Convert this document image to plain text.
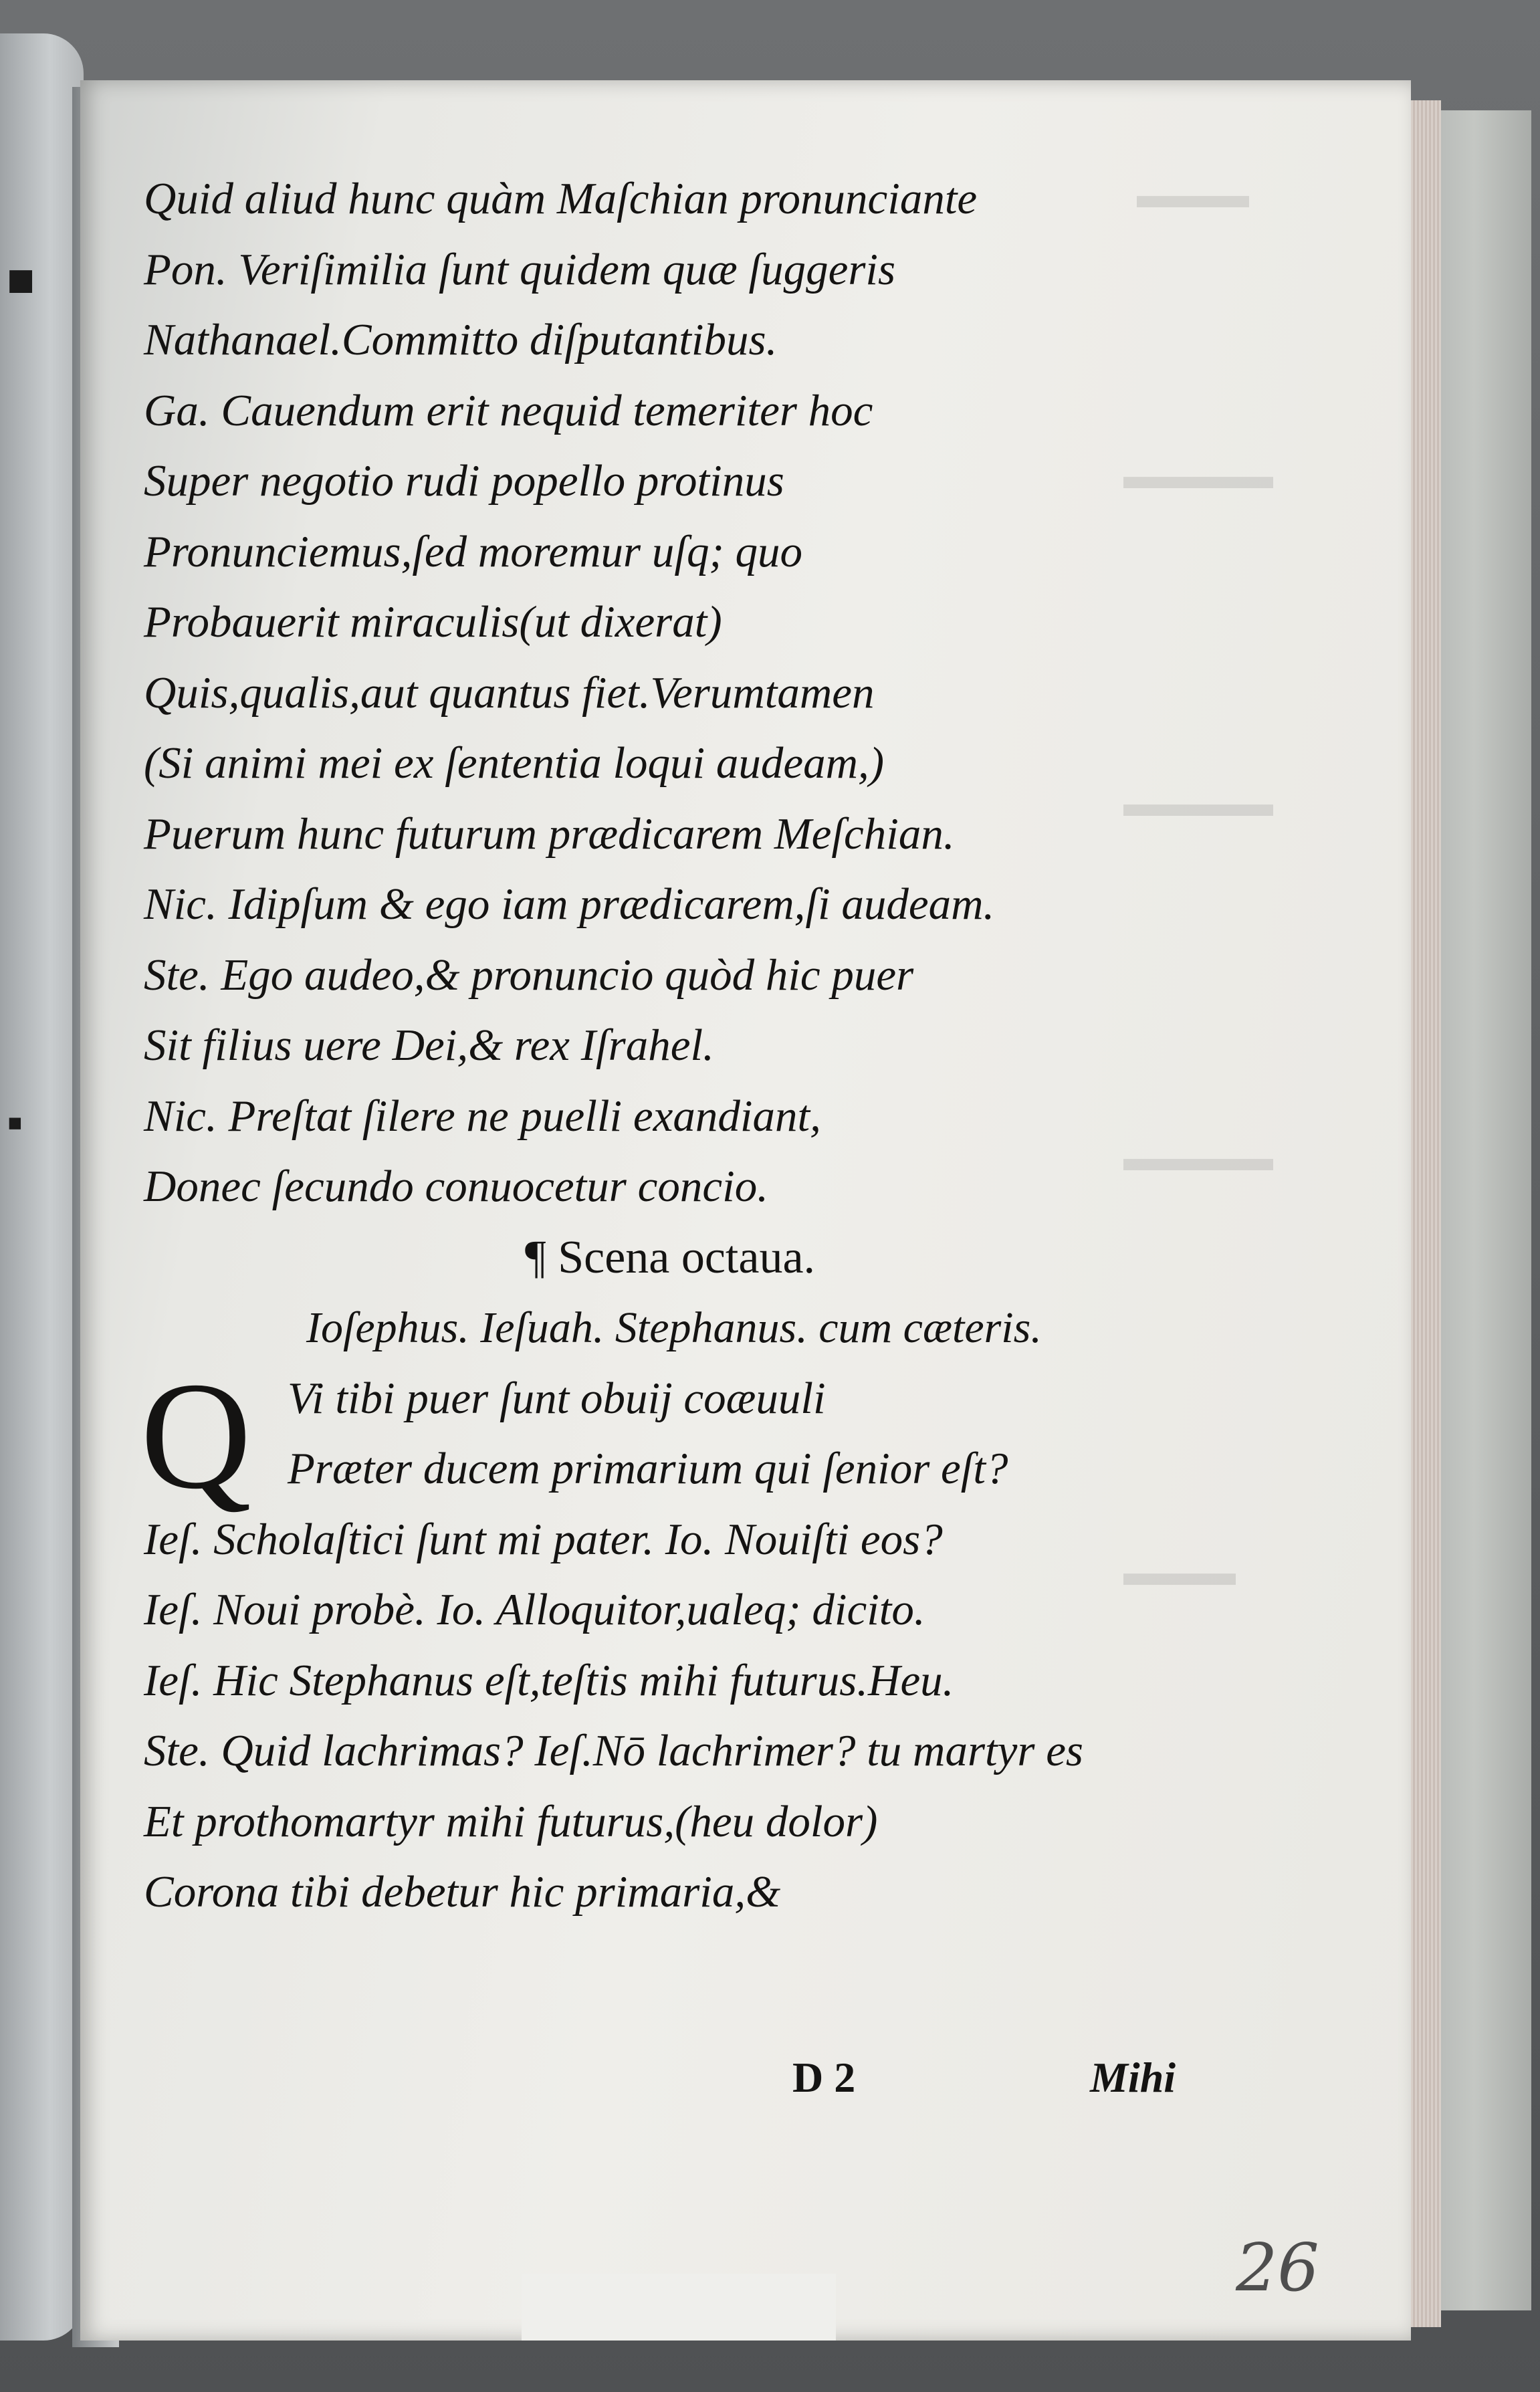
■
▪
▬▬▬
▬▬▬▬
▬▬▬▬
▬▬▬▬
▬▬▬
Quid aliud hunc quàm Maſchian pronunciante
Pon. Veriſimilia ſunt quidem quæ ſuggeris
Nathanael.Committo diſputantibus.
Ga. Cauendum erit nequid temeriter hoc
Super negotio rudi popello protinus
Pronunciemus,ſed moremur uſq; quo
Probauerit miraculis(ut dixerat)
Quis,qualis,aut quantus fiet.Verumtamen
(Si animi mei ex ſententia loqui audeam,)
Puerum hunc futurum prædicarem Meſchian.
Nic. Idipſum & ego iam prædicarem,ſi audeam.
Ste. Ego audeo,& pronuncio quòd hic puer
Sit filius uere Dei,& rex Iſrahel.
Nic. Preſtat ſilere ne puelli exandiant,
Donec ſecundo conuocetur concio.
¶ Scena octaua.
Ioſephus. Ieſuah. Stephanus. cum cæteris.
Q Vi tibi puer ſunt obuij coæuuli
Præter ducem primarium qui ſenior eſt?
Ieſ. Scholaſtici ſunt mi pater. Io. Nouiſti eos?
Ieſ. Noui probè. Io. Alloquitor,ualeq; dicito.
Ieſ. Hic Stephanus eſt,teſtis mihi futurus.Heu.
Ste. Quid lachrimas? Ieſ.Nō lachrimer? tu martyr es
Et prothomartyr mihi futurus,(heu dolor)
Corona tibi debetur hic primaria,&
D 2	Mihi
26
